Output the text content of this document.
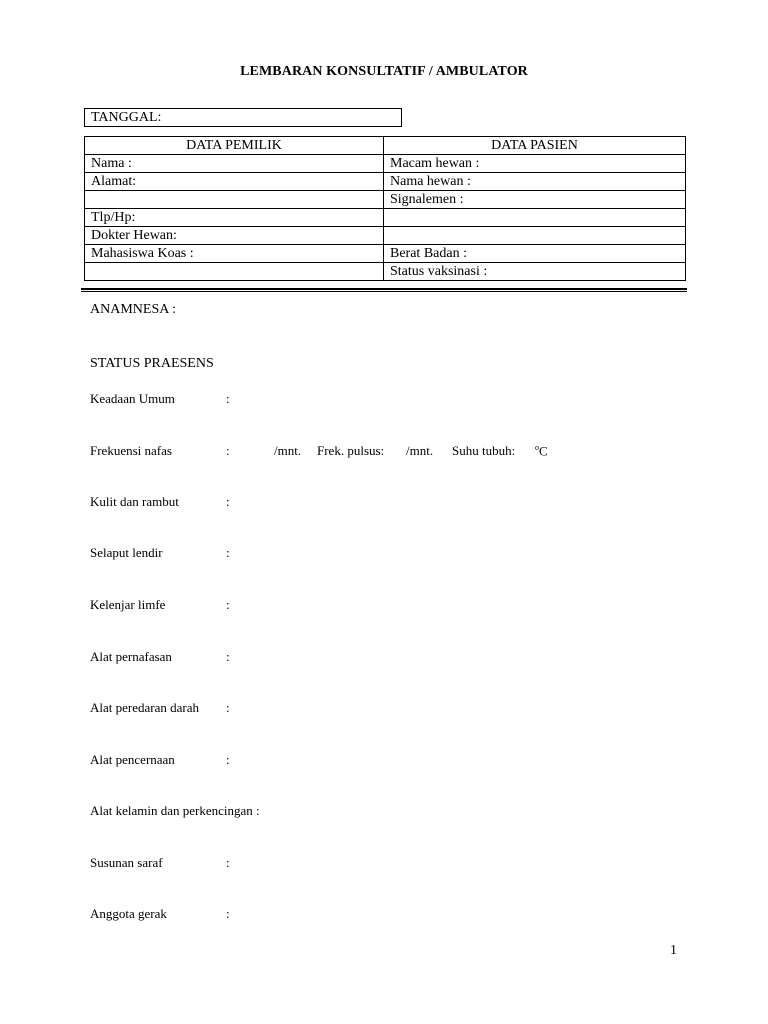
LEMBARAN KONSULTATIF / AMBULATOR
TANGGAL:
DATA PEMILIK	DATA PASIEN
Nama :	Macam hewan :
Alamat:	Nama hewan :
	Signalemen :
Tlp/Hp:	
Dokter Hewan:	
Mahasiswa Koas :	Berat Badan :
	Status vaksinasi :
ANAMNESA :
STATUS PRAESENS
Keadaan Umum	:
Frekuensi nafas	:	/mnt. Frek. pulsus: /mnt. Suhu tubuh: $^o$C
Kulit dan rambut	:
Selaput lendir	:
Kelenjar limfe	:
Alat pernafasan	:
Alat peredaran darah :
Alat pencernaan	:
Alat kelamin dan perkencingan :
Susunan saraf	:
Anggota gerak	:
1
